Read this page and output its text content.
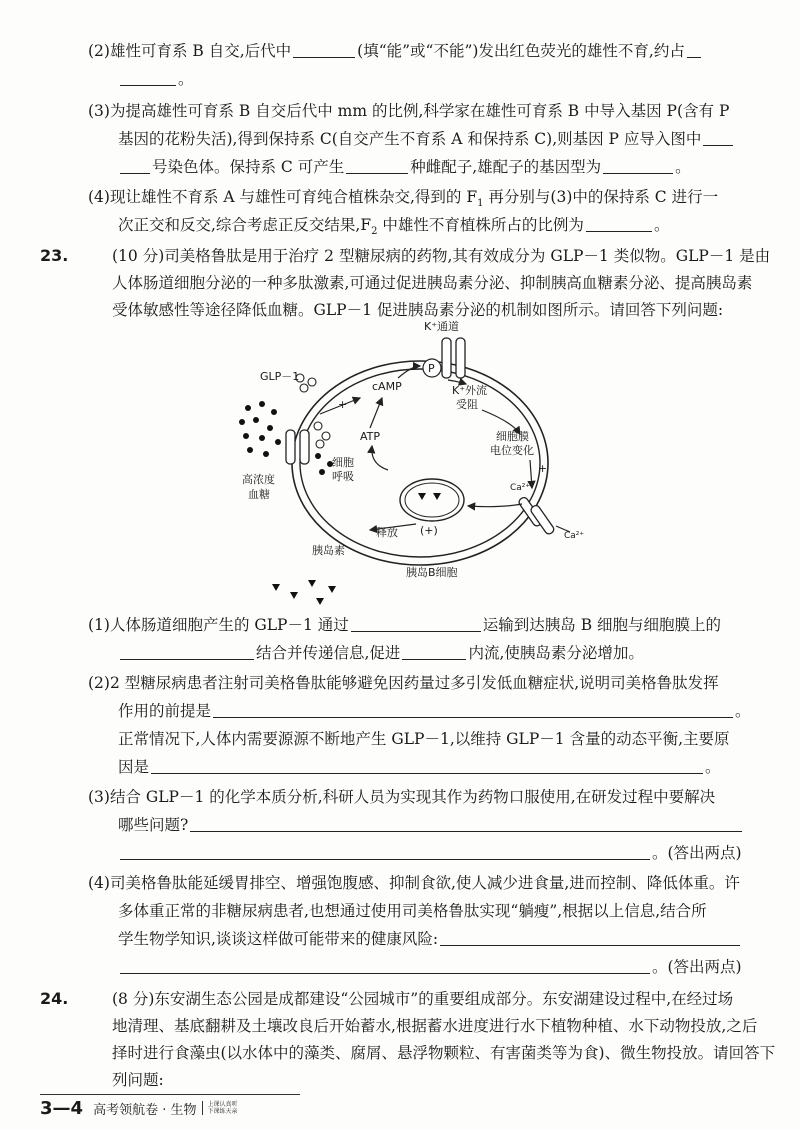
(2)雄性可育系 B 自交,后代中	(填“能”或“不能”)发出红色荧光的雄性不育,约占
。
(3)为提高雄性可育系 B 自交后代中 mm 的比例,科学家在雄性可育系 B 中导入基因 P(含有 P
基因的花粉失活),得到保持系 C(自交产生不育系 A 和保持系 C),则基因 P 应导入图中
号染色体。保持系 C 可产生	种雌配子,雄配子的基因型为	。
(4)现让雄性不育系 A 与雄性可育纯合植株杂交,得到的 $F_1$ 再分别与(3)中的保持系 C 进行一
次正交和反交,综合考虑正反交结果$,F_2$ 中雄性不育植株所占的比例为	。
23.	(10 分)司美格鲁肽是用于治疗 2 型糖尿病的药物,其有效成分为 GLP－1 类似物。GLP－1 是由
人体肠道细胞分泌的一种多肽激素,可通过促进胰岛素分泌、抑制胰高血糖素分泌、提高胰岛素
受体敏感性等途径降低血糖。GLP－1 促进胰岛素分泌的机制如图所示。请回答下列问题:
P
K⁺通道
GLP－1
高浓度
血糖
cAMP
+
ATP
细胞
呼吸
K⁺外流
受阻
细胞膜
电位变化
+
Ca²⁺
Ca²⁺
释放 (+)
胰岛素
胰岛B细胞
(1)人体肠道细胞产生的 GLP－1 通过	运输到达胰岛 B 细胞与细胞膜上的
结合并传递信息,促进	内流,使胰岛素分泌增加。
(2)2 型糖尿病患者注射司美格鲁肽能够避免因药量过多引发低血糖症状,说明司美格鲁肽发挥
作用的前提是	。
正常情况下,人体内需要源源不断地产生 GLP－1,以维持 GLP－1 含量的动态平衡,主要原
因是	。
(3)结合 GLP－1 的化学本质分析,科研人员为实现其作为药物口服使用,在研发过程中要解决
哪些问题?
。(答出两点)
(4)司美格鲁肽能延缓胃排空、增强饱腹感、抑制食欲,使人减少进食量,进而控制、降低体重。许
多体重正常的非糖尿病患者,也想通过使用司美格鲁肽实现“躺瘦”,根据以上信息,结合所
学生物学知识,谈谈这样做可能带来的健康风险:
。(答出两点)
24.	(8 分)东安湖生态公园是成都建设“公园城市”的重要组成部分。东安湖建设过程中,在经过场
地清理、基底翻耕及土壤改良后开始蓄水,根据蓄水进度进行水下植物种植、水下动物投放,之后
择时进行食藻虫(以水体中的藻类、腐屑、悬浮物颗粒、有害菌类等为食)、微生物投放。请回答下
列问题:
3—4 高考领航卷 · 生物	上课认真听
下课练天亲
